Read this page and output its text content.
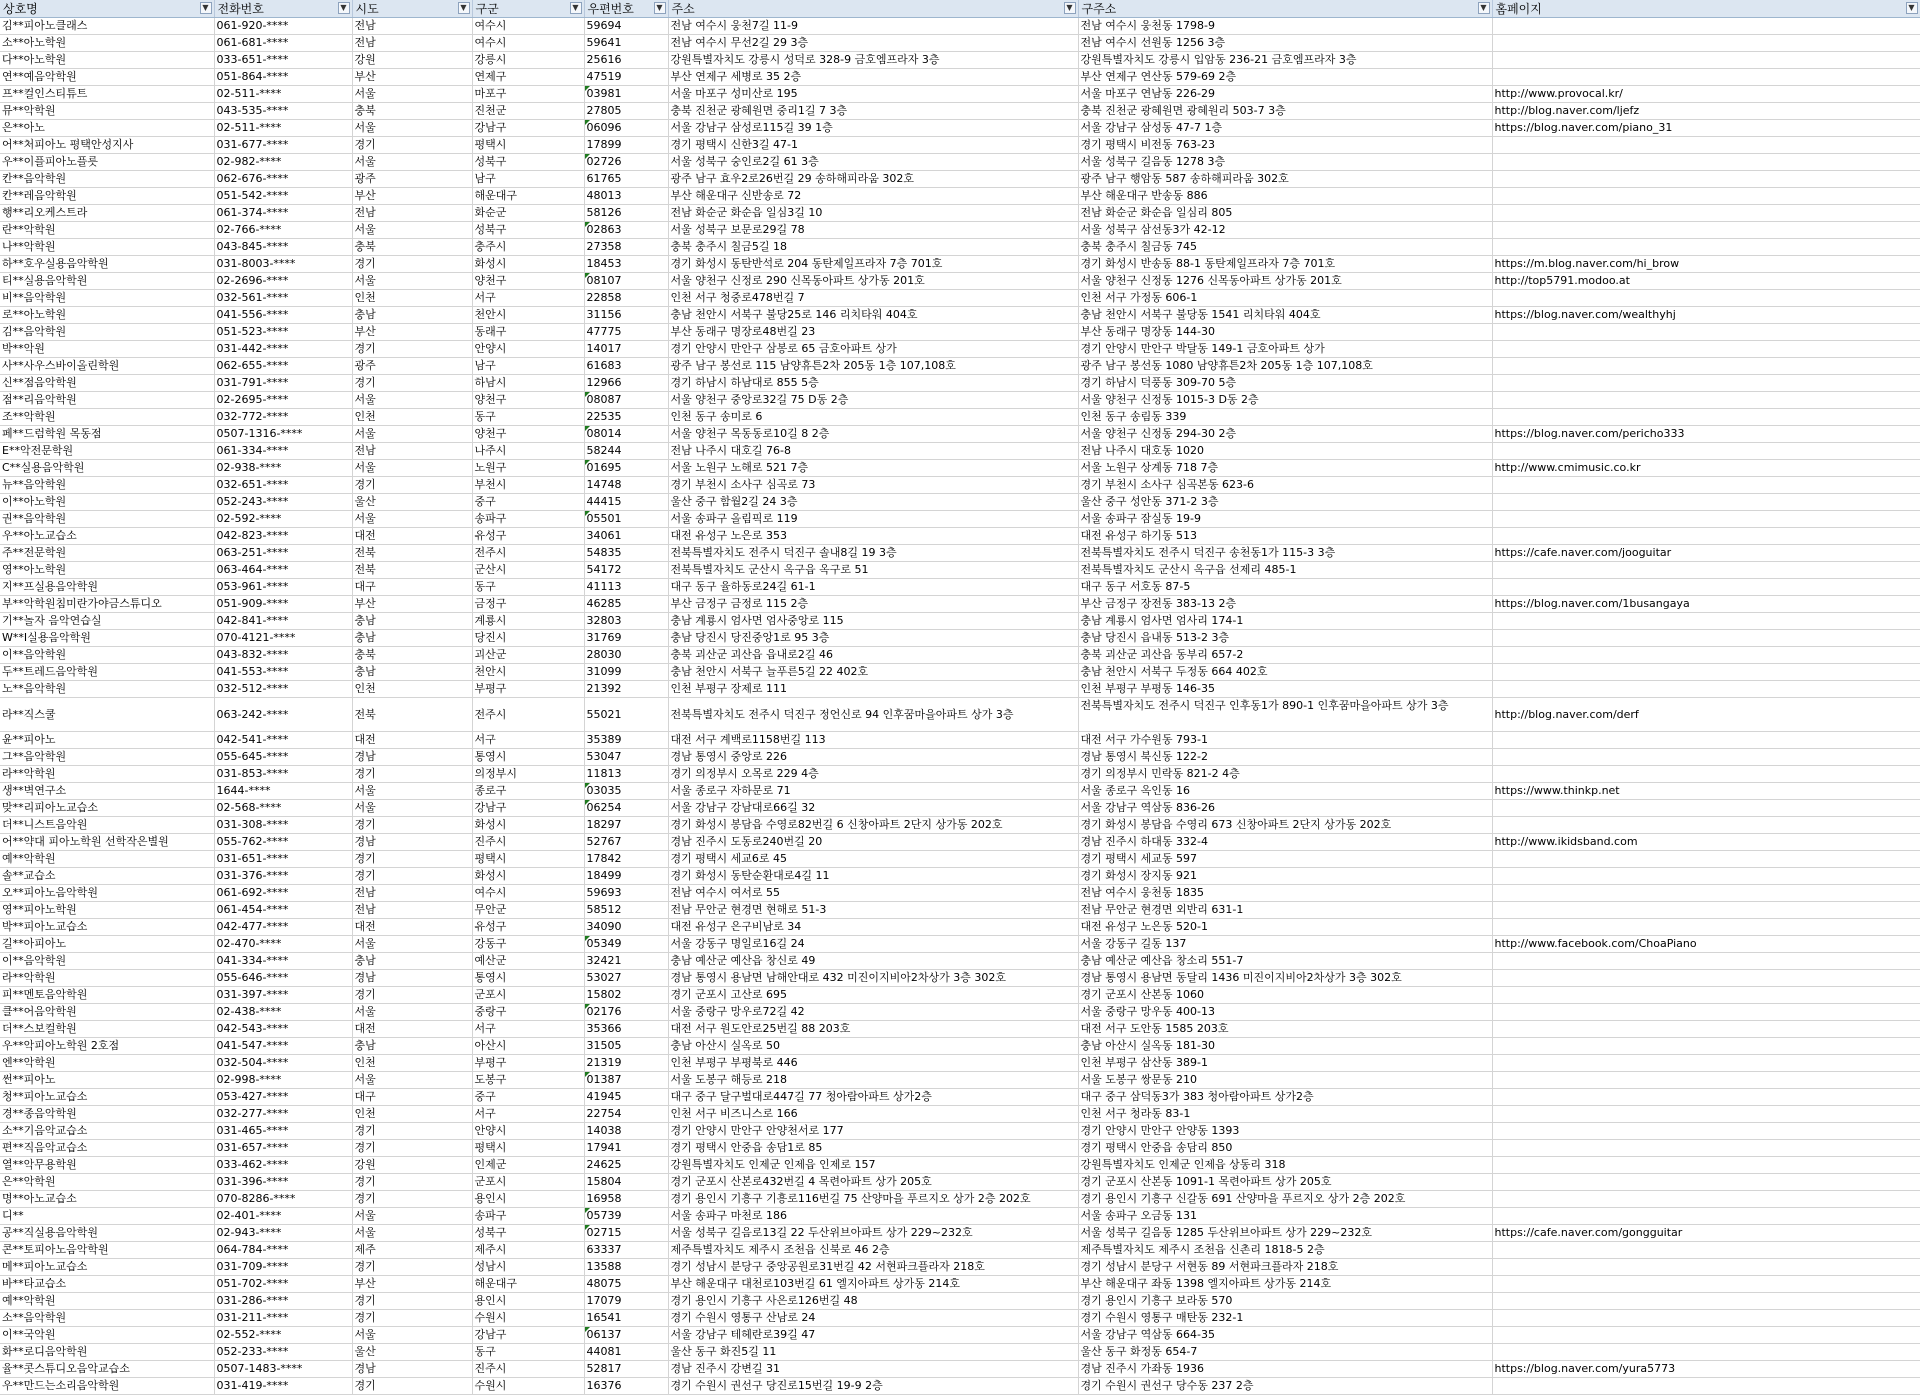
상호명 ▼	전화번호 ▼	시도 ▼	구군 ▼	우편번호 ▼	주소 ▼	구주소 ▼	홈페이지 ▼

김**피아노클래스	061-920-****	전남	여수시	59694	전남 여수시 웅천7길 11-9	전남 여수시 웅천동 1798-9	
소**아노학원	061-681-****	전남	여수시	59641	전남 여수시 무선2길 29 3층	전남 여수시 선원동 1256 3층	
다**아노학원	033-651-****	강원	강릉시	25616	강원특별자치도 강릉시 성덕로 328-9 금호엠프라자 3층	강원특별자치도 강릉시 입암동 236-21 금호엠프라자 3층	
연**예음악학원	051-864-****	부산	연제구	47519	부산 연제구 세병로 35 2층	부산 연제구 연산동 579-69 2층	
프**컬인스티튜트	02-511-****	서울	마포구	03981	서울 마포구 성미산로 195	서울 마포구 연남동 226-29	http://www.provocal.kr/
뮤**악학원	043-535-****	충북	진천군	27805	충북 진천군 광혜원면 중리1길 7 3층	충북 진천군 광혜원면 광혜원리 503-7 3층	http://blog.naver.com/ljefz
은**아노	02-511-****	서울	강남구	06096	서울 강남구 삼성로115길 39 1층	서울 강남구 삼성동 47-7 1층	https://blog.naver.com/piano_31
어**처피아노 평택안성지사	031-677-****	경기	평택시	17899	경기 평택시 신한3길 47-1	경기 평택시 비전동 763-23	
우**이플피아노플릇	02-982-****	서울	성북구	02726	서울 성북구 숭인로2길 61 3층	서울 성북구 길음동 1278 3층	
칸**음악학원	062-676-****	광주	남구	61765	광주 남구 효우2로26번길 29 송하해피라움 302호	광주 남구 행암동 587 송하해피라움 302호	
칸**레음악학원	051-542-****	부산	해운대구	48013	부산 해운대구 신반송로 72	부산 해운대구 반송동 886	
행**리오케스트라	061-374-****	전남	화순군	58126	전남 화순군 화순읍 일심3길 10	전남 화순군 화순읍 일심리 805	
란**악학원	02-766-****	서울	성북구	02863	서울 성북구 보문로29길 78	서울 성북구 삼선동3가 42-12	
나**악학원	043-845-****	충북	충주시	27358	충북 충주시 칠금5길 18	충북 충주시 칠금동 745	
하**호우실용음악학원	031-8003-****	경기	화성시	18453	경기 화성시 동탄반석로 204 동탄제일프라자 7층 701호	경기 화성시 반송동 88-1 동탄제일프라자 7층 701호	https://m.blog.naver.com/hi_brow
티**실용음악학원	02-2696-****	서울	양천구	08107	서울 양천구 신정로 290 신목동아파트 상가동 201호	서울 양천구 신정동 1276 신목동아파트 상가동 201호	http://top5791.modoo.at
비**음악학원	032-561-****	인천	서구	22858	인천 서구 청중로478번길 7	인천 서구 가정동 606-1	
로**아노학원	041-556-****	충남	천안시	31156	충남 천안시 서북구 불당25로 146 리치타워 404호	충남 천안시 서북구 불당동 1541 리치타워 404호	https://blog.naver.com/wealthyhj
김**음악학원	051-523-****	부산	동래구	47775	부산 동래구 명장로48번길 23	부산 동래구 명장동 144-30	
박**악원	031-442-****	경기	안양시	14017	경기 안양시 만안구 삼봉로 65 금호아파트 상가	경기 안양시 만안구 박달동 149-1 금호아파트 상가	
사**사우스바이올린학원	062-655-****	광주	남구	61683	광주 남구 봉선로 115 남양휴튼2차 205동 1층 107,108호	광주 남구 봉선동 1080 남양휴튼2차 205동 1층 107,108호	
신**점음악학원	031-791-****	경기	하남시	12966	경기 하남시 하남대로 855 5층	경기 하남시 덕풍동 309-70 5층	
점**리음악학원	02-2695-****	서울	양천구	08087	서울 양천구 중앙로32길 75 D동 2층	서울 양천구 신정동 1015-3 D동 2층	
조**악학원	032-772-****	인천	동구	22535	인천 동구 송미로 6	인천 동구 송림동 339	
페**드럼학원 목동점	0507-1316-****	서울	양천구	08014	서울 양천구 목동동로10길 8 2층	서울 양천구 신정동 294-30 2층	https://blog.naver.com/pericho333
E**악전문학원	061-334-****	전남	나주시	58244	전남 나주시 대호길 76-8	전남 나주시 대호동 1020	
C**실용음악학원	02-938-****	서울	노원구	01695	서울 노원구 노해로 521 7층	서울 노원구 상계동 718 7층	http://www.cmimusic.co.kr
뉴**음악학원	032-651-****	경기	부천시	14748	경기 부천시 소사구 심곡로 73	경기 부천시 소사구 심곡본동 623-6	
이**아노학원	052-243-****	울산	중구	44415	울산 중구 함월2길 24 3층	울산 중구 성안동 371-2 3층	
권**음악학원	02-592-****	서울	송파구	05501	서울 송파구 올림픽로 119	서울 송파구 잠실동 19-9	
우**아노교습소	042-823-****	대전	유성구	34061	대전 유성구 노은로 353	대전 유성구 하기동 513	
주**전문학원	063-251-****	전북	전주시	54835	전북특별자치도 전주시 덕진구 솔내8길 19 3층	전북특별자치도 전주시 덕진구 송천동1가 115-3 3층	https://cafe.naver.com/jooguitar
영**아노학원	063-464-****	전북	군산시	54172	전북특별자치도 군산시 옥구읍 옥구로 51	전북특별자치도 군산시 옥구읍 선제리 485-1	
지**프실용음악학원	053-961-****	대구	동구	41113	대구 동구 율하동로24길 61-1	대구 동구 서호동 87-5	
부**악학원침미란가야금스튜디오	051-909-****	부산	금정구	46285	부산 금정구 금정로 115 2층	부산 금정구 장전동 383-13 2층	https://blog.naver.com/1busangaya
기**놀자 음악연습실	042-841-****	충남	계룡시	32803	충남 계룡시 엄사면 엄사중앙로 115	충남 계룡시 엄사면 엄사리 174-1	
W**I실용음악학원	070-4121-****	충남	당진시	31769	충남 당진시 당진중앙1로 95 3층	충남 당진시 읍내동 513-2 3층	
이**음악학원	043-832-****	충북	괴산군	28030	충북 괴산군 괴산읍 읍내로2길 46	충북 괴산군 괴산읍 동부리 657-2	
두**트레드음악학원	041-553-****	충남	천안시	31099	충남 천안시 서북구 늘푸른5길 22 402호	충남 천안시 서북구 두정동 664 402호	
노**음악학원	032-512-****	인천	부평구	21392	인천 부평구 장제로 111	인천 부평구 부평동 146-35	
라**직스쿨	063-242-****	전북	전주시	55021	전북특별자치도 전주시 덕진구 정언신로 94 인후꿈마을아파트 상가 3층	전북특별자치도 전주시 덕진구 인후동1가 890-1 인후꿈마을아파트 상가 3층	http://blog.naver.com/derf
윤**피아노	042-541-****	대전	서구	35389	대전 서구 계백로1158번길 113	대전 서구 가수원동 793-1	
그**음악학원	055-645-****	경남	통영시	53047	경남 통영시 중앙로 226	경남 통영시 북신동 122-2	
라**악학원	031-853-****	경기	의정부시	11813	경기 의정부시 오목로 229 4층	경기 의정부시 민락동 821-2 4층	
생**벽연구소	1644-****	서울	종로구	03035	서울 종로구 자하문로 71	서울 종로구 옥인동 16	https://www.thinkp.net
맞**리피아노교습소	02-568-****	서울	강남구	06254	서울 강남구 강남대로66길 32	서울 강남구 역삼동 836-26	
더**니스트음악원	031-308-****	경기	화성시	18297	경기 화성시 봉담읍 수영로82번길 6 신창아파트 2단지 상가동 202호	경기 화성시 봉담읍 수영리 673 신창아파트 2단지 상가동 202호	
어**약대 피아노학원 선학작은별원	055-762-****	경남	진주시	52767	경남 진주시 도동로240번길 20	경남 진주시 하대동 332-4	http://www.ikidsband.com
예**악학원	031-651-****	경기	평택시	17842	경기 평택시 세교6로 45	경기 평택시 세교동 597	
솔**교습소	031-376-****	경기	화성시	18499	경기 화성시 동탄순환대로4길 11	경기 화성시 장지동 921	
오**피아노음악학원	061-692-****	전남	여수시	59693	전남 여수시 여서로 55	전남 여수시 웅천동 1835	
영**피아노학원	061-454-****	전남	무안군	58512	전남 무안군 현경면 현해로 51-3	전남 무안군 현경면 외반리 631-1	
박**피아노교습소	042-477-****	대전	유성구	34090	대전 유성구 은구비남로 34	대전 유성구 노은동 520-1	
길**아피아노	02-470-****	서울	강동구	05349	서울 강동구 명일로16길 24	서울 강동구 길동 137	http://www.facebook.com/ChoaPiano
이**음악학원	041-334-****	충남	예산군	32421	충남 예산군 예산읍 창신로 49	충남 예산군 예산읍 창소리 551-7	
라**악학원	055-646-****	경남	통영시	53027	경남 통영시 용남면 남해안대로 432 미진이지비아2차상가 3층 302호	경남 통영시 용남면 동달리 1436 미진이지비아2차상가 3층 302호	
피**멘토음악학원	031-397-****	경기	군포시	15802	경기 군포시 고산로 695	경기 군포시 산본동 1060	
클**어음악학원	02-438-****	서울	중랑구	02176	서울 중랑구 망우로72길 42	서울 중랑구 망우동 400-13	
더**스보컬학원	042-543-****	대전	서구	35366	대전 서구 원도안로25번길 88 203호	대전 서구 도안동 1585 203호	
우**악피아노학원 2호점	041-547-****	충남	아산시	31505	충남 아산시 실옥로 50	충남 아산시 실옥동 181-30	
엔**악학원	032-504-****	인천	부평구	21319	인천 부평구 부평북로 446	인천 부평구 삼산동 389-1	
썬**피아노	02-998-****	서울	도봉구	01387	서울 도봉구 해등로 218	서울 도봉구 쌍문동 210	
청**피아노교습소	053-427-****	대구	중구	41945	대구 중구 달구벌대로447길 77 청아람아파트 상가2층	대구 중구 삼덕동3가 383 청아람아파트 상가2층	
경**종음악학원	032-277-****	인천	서구	22754	인천 서구 비즈니스로 166	인천 서구 청라동 83-1	
소**기음악교습소	031-465-****	경기	안양시	14038	경기 안양시 만안구 안양천서로 177	경기 안양시 만안구 안양동 1393	
편**직음악교습소	031-657-****	경기	평택시	17941	경기 평택시 안중읍 송담1로 85	경기 평택시 안중읍 송담리 850	
열**악무용학원	033-462-****	강원	인제군	24625	강원특별자치도 인제군 인제읍 인제로 157	강원특별자치도 인제군 인제읍 상동리 318	
은**악학원	031-396-****	경기	군포시	15804	경기 군포시 산본로432번길 4 목련아파트 상가 205호	경기 군포시 산본동 1091-1 목련아파트 상가 205호	
명**아노교습소	070-8286-****	경기	용인시	16958	경기 용인시 기흥구 기흥로116번길 75 산양마을 푸르지오 상가 2층 202호	경기 용인시 기흥구 신갈동 691 산양마을 푸르지오 상가 2층 202호	
디**	02-401-****	서울	송파구	05739	서울 송파구 마천로 186	서울 송파구 오금동 131	
공**직실용음악학원	02-943-****	서울	성북구	02715	서울 성북구 길음로13길 22 두산위브아파트 상가 229~232호	서울 성북구 길음동 1285 두산위브아파트 상가 229~232호	https://cafe.naver.com/gongguitar
콘**토피아노음악학원	064-784-****	제주	제주시	63337	제주특별자치도 제주시 조천읍 신북로 46 2층	제주특별자치도 제주시 조천읍 신촌리 1818-5 2층	
메**피아노교습소	031-709-****	경기	성남시	13588	경기 성남시 분당구 중앙공원로31번길 42 서현파크플라자 218호	경기 성남시 분당구 서현동 89 서현파크플라자 218호	
바**타교습소	051-702-****	부산	해운대구	48075	부산 해운대구 대천로103번길 61 엘지아파트 상가동 214호	부산 해운대구 좌동 1398 엘지아파트 상가동 214호	
예**악학원	031-286-****	경기	용인시	17079	경기 용인시 기흥구 사은로126번길 48	경기 용인시 기흥구 보라동 570	
소**음악학원	031-211-****	경기	수원시	16541	경기 수원시 영통구 산남로 24	경기 수원시 영통구 매탄동 232-1	
이**국악원	02-552-****	서울	강남구	06137	서울 강남구 테헤란로39길 47	서울 강남구 역삼동 664-35	
화**로디음악학원	052-233-****	울산	동구	44081	울산 동구 화진5길 11	울산 동구 화정동 654-7	
율**콧스튜디오음악교습소	0507-1483-****	경남	진주시	52817	경남 진주시 강변길 31	경남 진주시 가좌동 1936	https://blog.naver.com/yura5773
우**만드는소리음악학원	031-419-****	경기	수원시	16376	경기 수원시 권선구 당진로15번길 19-9 2층	경기 수원시 권선구 당수동 237 2층	
